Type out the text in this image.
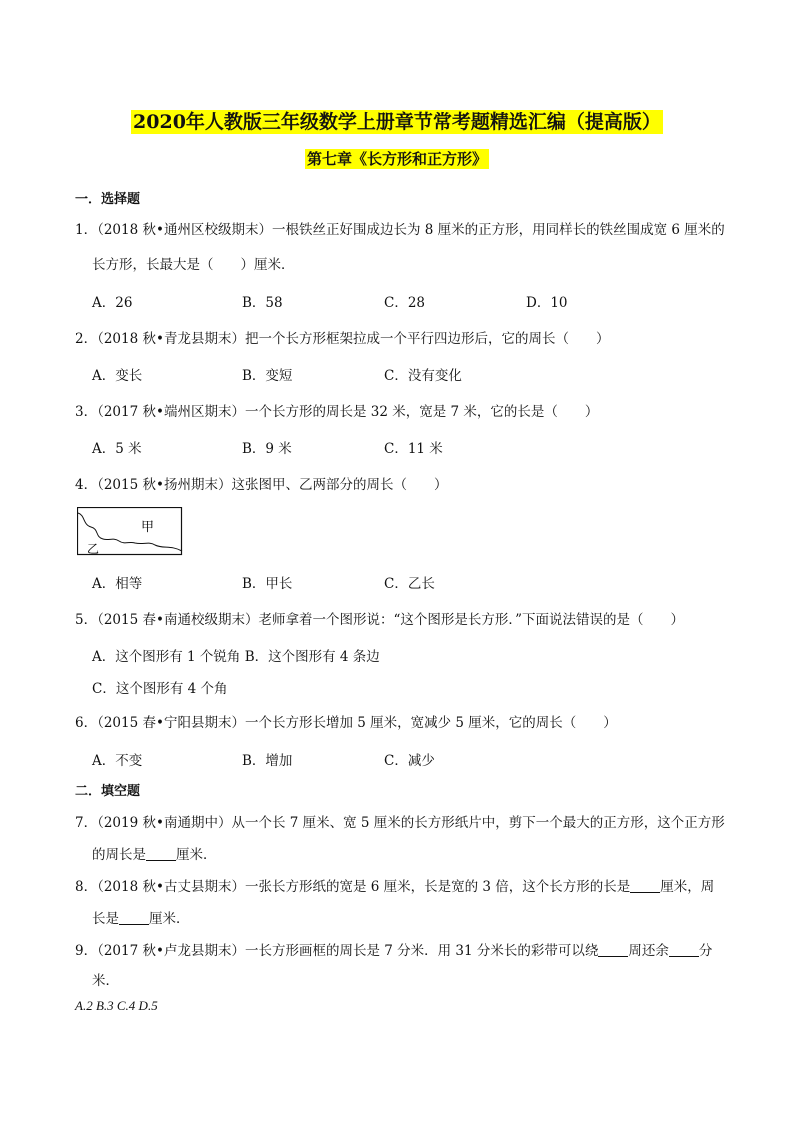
2020年人教版三年级数学上册章节常考题精选汇编（提高版）
第七章《长方形和正方形》
一．选择题
1．（2018 秋•通州区校级期末）一根铁丝正好围成边长为 8 厘米的正方形，用同样长的铁丝围成宽 6 厘米的
长方形，长最大是（　　）厘米．
A．26	B．58	C．28	D．10
2．（2018 秋•青龙县期末）把一个长方形框架拉成一个平行四边形后，它的周长（　　）
A．变长	B．变短	C．没有变化
3．（2017 秋•端州区期末）一个长方形的周长是 32 米，宽是 7 米，它的长是（　　）
A．5 米	B．9 米	C．11 米
4．（2015 秋•扬州期末）这张图甲、乙两部分的周长（　　）
甲
乙
A．相等	B．甲长	C．乙长
5．（2015 春•南通校级期末）老师拿着一个图形说：“这个图形是长方形．”下面说法错误的是（　　）
A．这个图形有 1 个锐角 B．这个图形有 4 条边
C．这个图形有 4 个角
6．（2015 春•宁阳县期末）一个长方形长增加 5 厘米，宽减少 5 厘米，它的周长（　　）
A．不变	B．增加	C．减少
二．填空题
7．（2019 秋•南通期中）从一个长 7 厘米、宽 5 厘米的长方形纸片中，剪下一个最大的正方形，这个正方形
的周长是 厘米．
8．（2018 秋•古丈县期末）一张长方形纸的宽是 6 厘米，长是宽的 3 倍，这个长方形的长是 厘米，周
长是 厘米．
9．（2017 秋•卢龙县期末）一长方形画框的周长是 7 分米．用 31 分米长的彩带可以绕 周还余 分
米．
A.2 B.3 C.4 D.5
